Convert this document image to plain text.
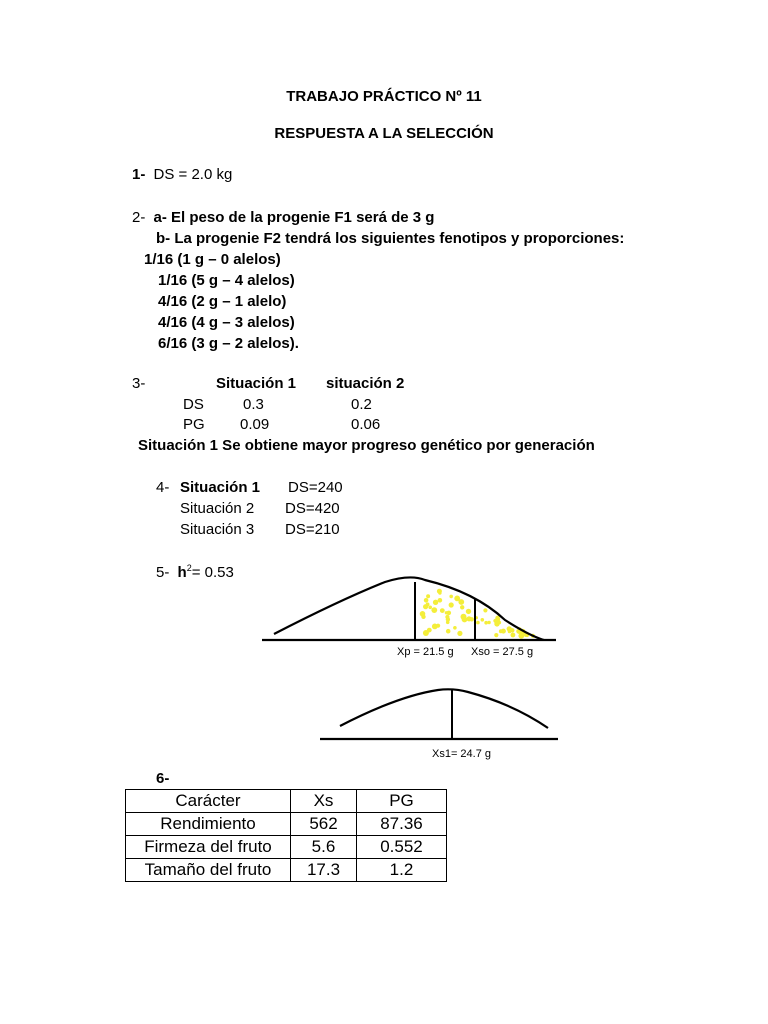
TRABAJO PRÁCTICO Nº 11
RESPUESTA A LA SELECCIÓN
1- DS = 2.0 kg
2- a- El peso de la progenie F1 será de 3 g
b- La progenie F2 tendrá los siguientes fenotipos y proporciones:
1/16 (1 g – 0 alelos)
1/16 (5 g – 4 alelos)
4/16 (2 g – 1 alelo)
4/16 (4 g – 3 alelos)
6/16 (3 g – 2 alelos).
3-	Situación 1 situación 2
DS	0.3	0.2
PG 0.09	0.06
Situación 1 Se obtiene mayor progreso genético por generación
4- Situación 1 DS=240
Situación 2 DS=420
Situación 3 DS=210
5- $h^2= 0.53$
Xp = 21.5 g Xso = 27.5 g
Xs1= 24.7 g
6-
Carácter	Xs	PG
Rendimiento	562	87.36
Firmeza del fruto	5.6	0.552
Tamaño del fruto	17.3	1.2
